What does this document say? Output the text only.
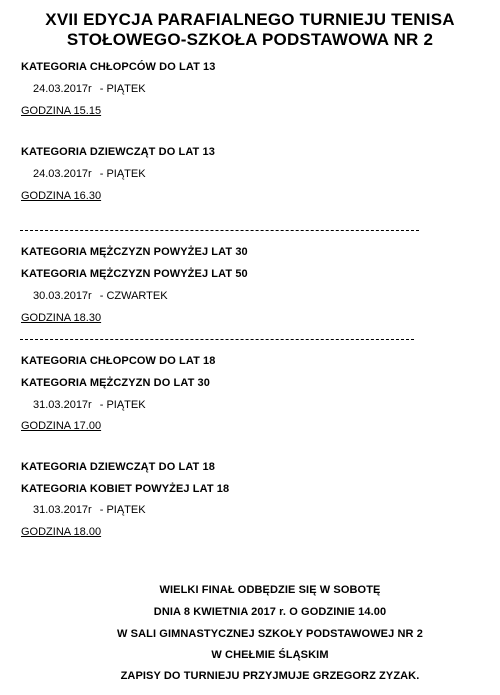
XVII EDYCJA PARAFIALNEGO TURNIEJU TENISA
STOŁOWEGO-SZKOŁA PODSTAWOWA NR 2
KATEGORIA CHŁOPCÓW DO LAT 13
24.03.2017r - PIĄTEK
GODZINA 15.15
KATEGORIA DZIEWCZĄT DO LAT 13
24.03.2017r - PIĄTEK
GODZINA 16.30
KATEGORIA MĘŻCZYZN POWYŻEJ LAT 30
KATEGORIA MĘŻCZYZN POWYŻEJ LAT 50
30.03.2017r - CZWARTEK
GODZINA 18.30
KATEGORIA CHŁOPCOW DO LAT 18
KATEGORIA MĘŻCZYZN DO LAT 30
31.03.2017r - PIĄTEK
GODZINA 17.00
KATEGORIA DZIEWCZĄT DO LAT 18
KATEGORIA KOBIET POWYŻEJ LAT 18
31.03.2017r - PIĄTEK
GODZINA 18.00
WIELKI FINAŁ ODBĘDZIE SIĘ W SOBOTĘ
DNIA 8 KWIETNIA 2017 r. O GODZINIE 14.00
W SALI GIMNASTYCZNEJ SZKOŁY PODSTAWOWEJ NR 2
W CHEŁMIE ŚLĄSKIM
ZAPISY DO TURNIEJU PRZYJMUJE GRZEGORZ ZYZAK.
